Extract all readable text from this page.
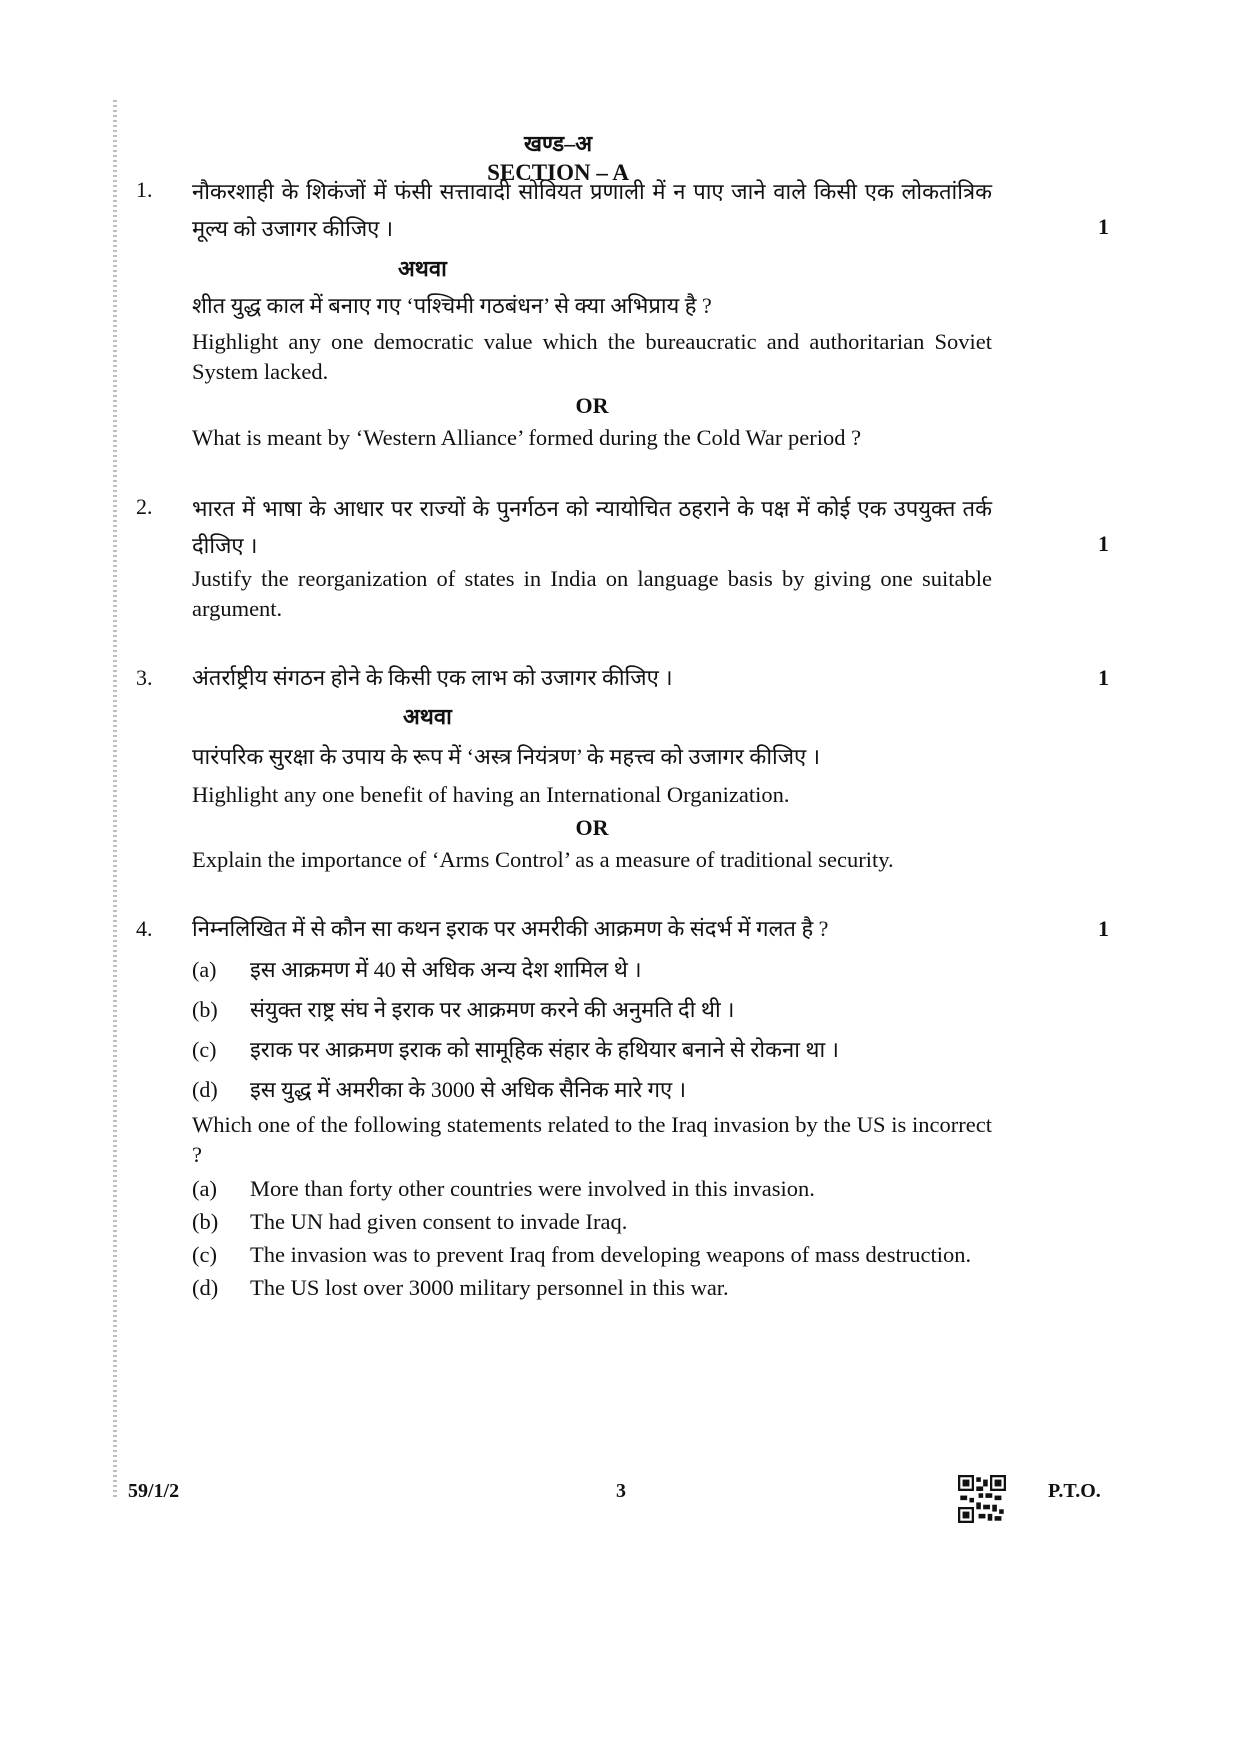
खण्ड–अ
SECTION – A
1.	नौकरशाही के शिकंजों में फंसी सत्तावादी सोवियत प्रणाली में न पाए जाने वाले किसी एक लोकतांत्रिक मूल्य को उजागर कीजिए ।	1
अथवा
शीत युद्ध काल में बनाए गए ‘पश्चिमी गठबंधन’ से क्या अभिप्राय है ?
Highlight any one democratic value which the bureaucratic and authoritarian Soviet System lacked.
OR
What is meant by ‘Western Alliance’ formed during the Cold War period ?
2.	भारत में भाषा के आधार पर राज्यों के पुनर्गठन को न्यायोचित ठहराने के पक्ष में कोई एक उपयुक्त तर्क दीजिए ।	1
Justify the reorganization of states in India on language basis by giving one suitable argument.
3.	अंतर्राष्ट्रीय संगठन होने के किसी एक लाभ को उजागर कीजिए ।	1
अथवा
पारंपरिक सुरक्षा के उपाय के रूप में ‘अस्त्र नियंत्रण’ के महत्त्व को उजागर कीजिए ।
Highlight any one benefit of having an International Organization.
OR
Explain the importance of ‘Arms Control’ as a measure of traditional security.
4.	निम्नलिखित में से कौन सा कथन इराक पर अमरीकी आक्रमण के संदर्भ में गलत है ?	1
(a)	इस आक्रमण में 40 से अधिक अन्य देश शामिल थे ।
(b)	संयुक्त राष्ट्र संघ ने इराक पर आक्रमण करने की अनुमति दी थी ।
(c)	इराक पर आक्रमण इराक को सामूहिक संहार के हथियार बनाने से रोकना था ।
(d)	इस युद्ध में अमरीका के 3000 से अधिक सैनिक मारे गए ।
Which one of the following statements related to the Iraq invasion by the US is incorrect ?
(a)	More than forty other countries were involved in this invasion.
(b)	The UN had given consent to invade Iraq.
(c)	The invasion was to prevent Iraq from developing weapons of mass destruction.
(d)	The US lost over 3000 military personnel in this war.
59/1/2	3	P.T.O.
